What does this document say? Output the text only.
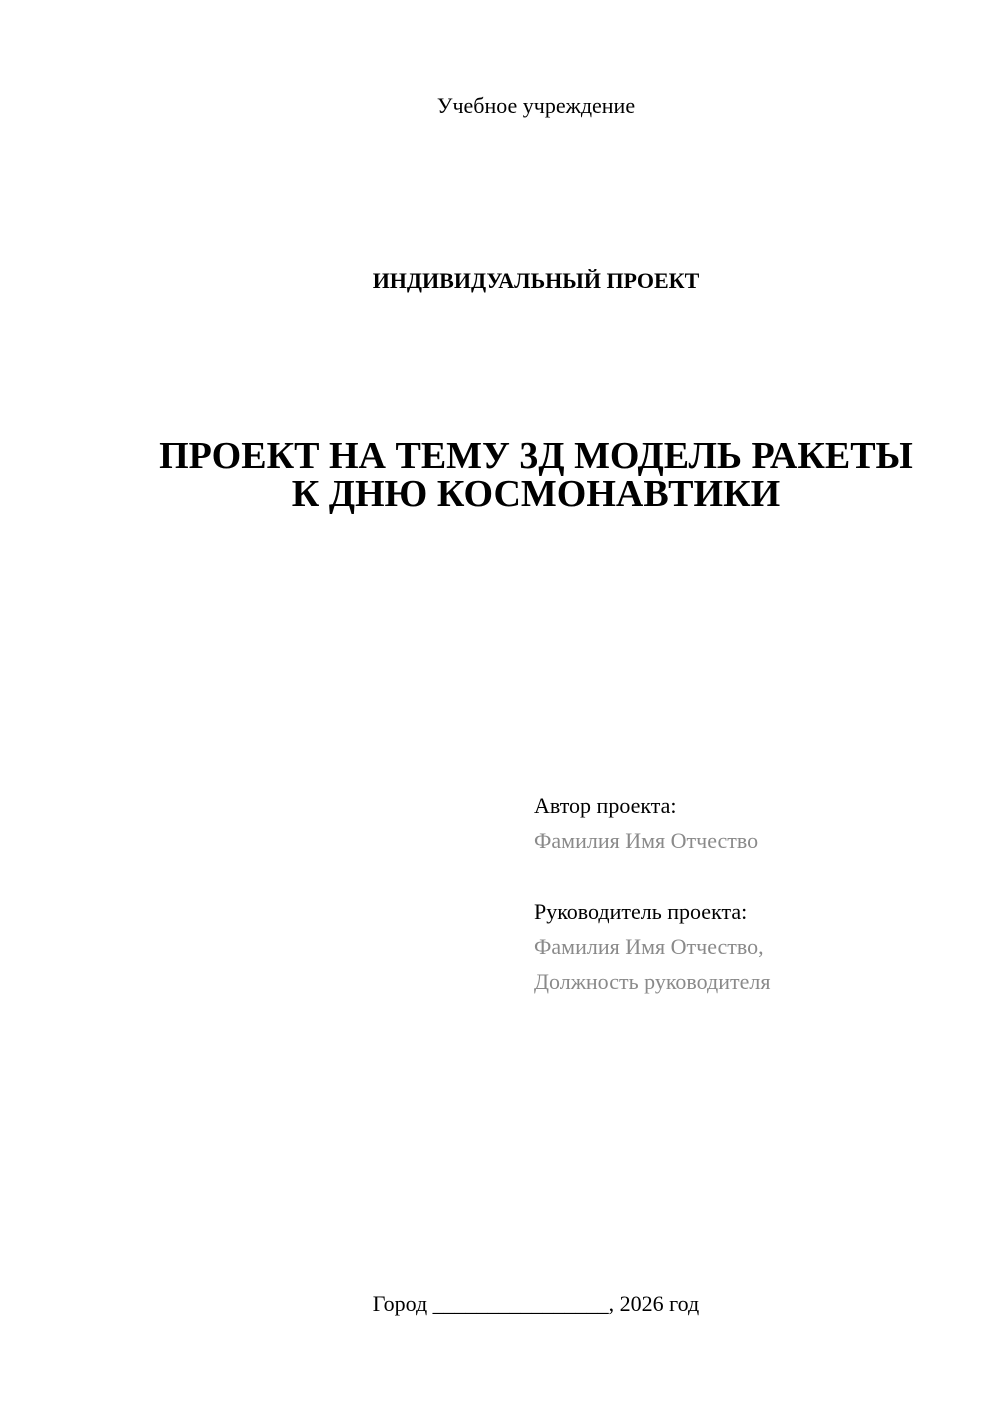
Учебное учреждение
ИНДИВИДУАЛЬНЫЙ ПРОЕКТ
ПРОЕКТ НА ТЕМУ 3Д МОДЕЛЬ РАКЕТЫ
К ДНЮ КОСМОНАВТИКИ
Автор проекта:
Фамилия Имя Отчество
Руководитель проекта:
Фамилия Имя Отчество,
Должность руководителя
Город ________________, 2026 год
